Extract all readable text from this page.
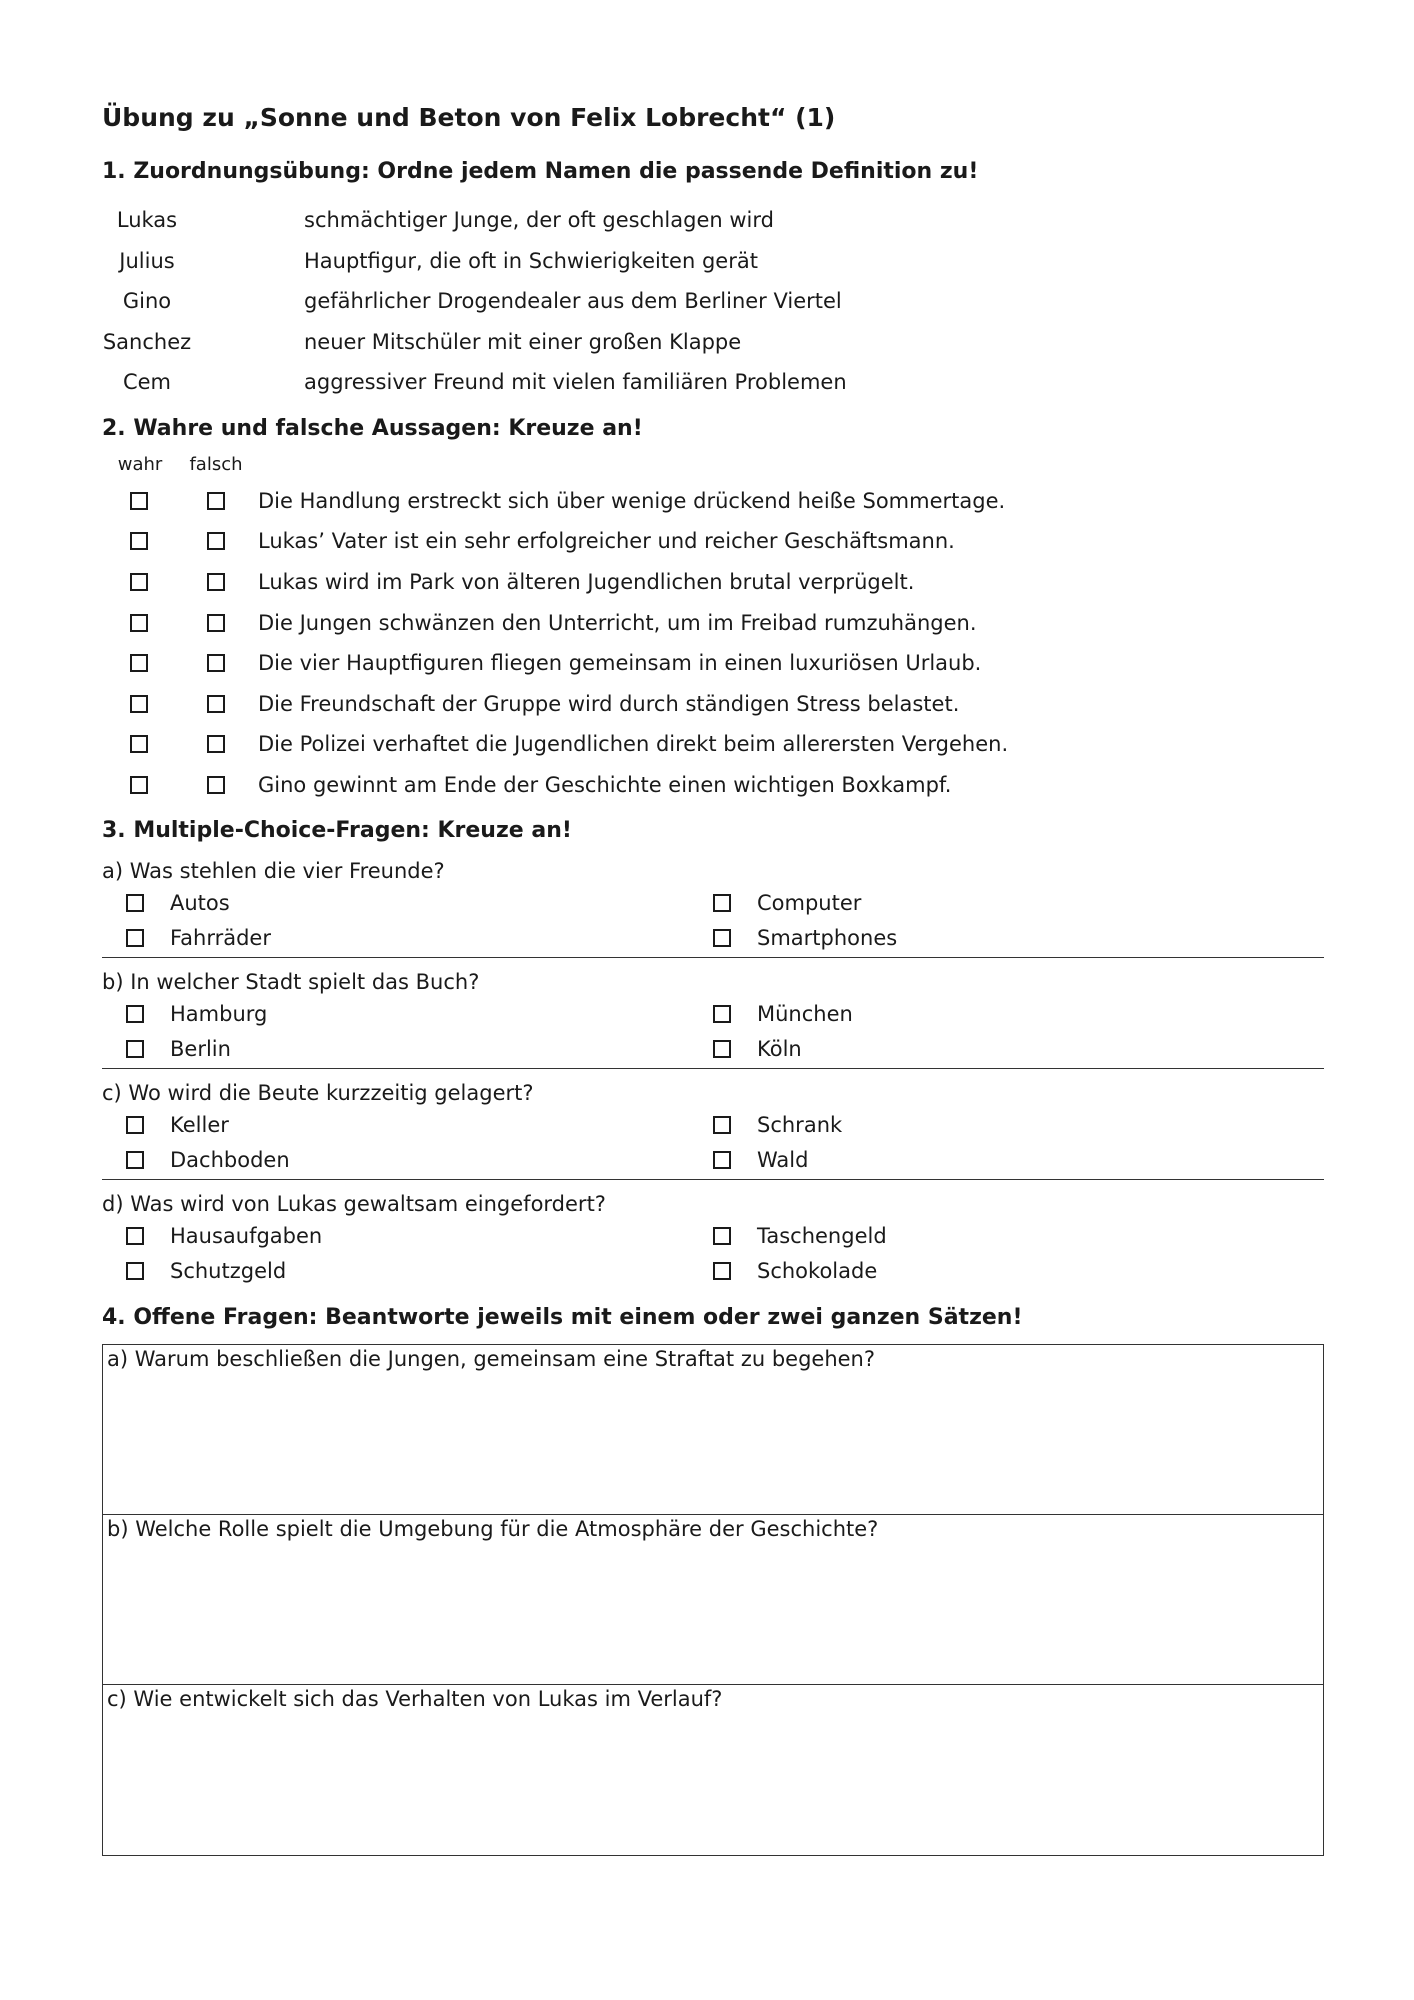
Übung zu „Sonne und Beton von Felix Lobrecht“ (1)
1. Zuordnungsübung: Ordne jedem Namen die passende Definition zu!
Lukas	schmächtiger Junge, der oft geschlagen wird
Julius	Hauptfigur, die oft in Schwierigkeiten gerät
Gino	gefährlicher Drogendealer aus dem Berliner Viertel
Sanchez	neuer Mitschüler mit einer großen Klappe
Cem	aggressiver Freund mit vielen familiären Problemen
2. Wahre und falsche Aussagen: Kreuze an!
wahr	falsch
Die Handlung erstreckt sich über wenige drückend heiße Sommertage.
Lukas’ Vater ist ein sehr erfolgreicher und reicher Geschäftsmann.
Lukas wird im Park von älteren Jugendlichen brutal verprügelt.
Die Jungen schwänzen den Unterricht, um im Freibad rumzuhängen.
Die vier Hauptfiguren fliegen gemeinsam in einen luxuriösen Urlaub.
Die Freundschaft der Gruppe wird durch ständigen Stress belastet.
Die Polizei verhaftet die Jugendlichen direkt beim allerersten Vergehen.
Gino gewinnt am Ende der Geschichte einen wichtigen Boxkampf.
3. Multiple-Choice-Fragen: Kreuze an!
a) Was stehlen die vier Freunde?
Autos	Computer
Fahrräder	Smartphones
b) In welcher Stadt spielt das Buch?
Hamburg	München
Berlin	Köln
c) Wo wird die Beute kurzzeitig gelagert?
Keller	Schrank
Dachboden	Wald
d) Was wird von Lukas gewaltsam eingefordert?
Hausaufgaben	Taschengeld
Schutzgeld	Schokolade
4. Offene Fragen: Beantworte jeweils mit einem oder zwei ganzen Sätzen!
a) Warum beschließen die Jungen, gemeinsam eine Straftat zu begehen?
b) Welche Rolle spielt die Umgebung für die Atmosphäre der Geschichte?
c) Wie entwickelt sich das Verhalten von Lukas im Verlauf?
